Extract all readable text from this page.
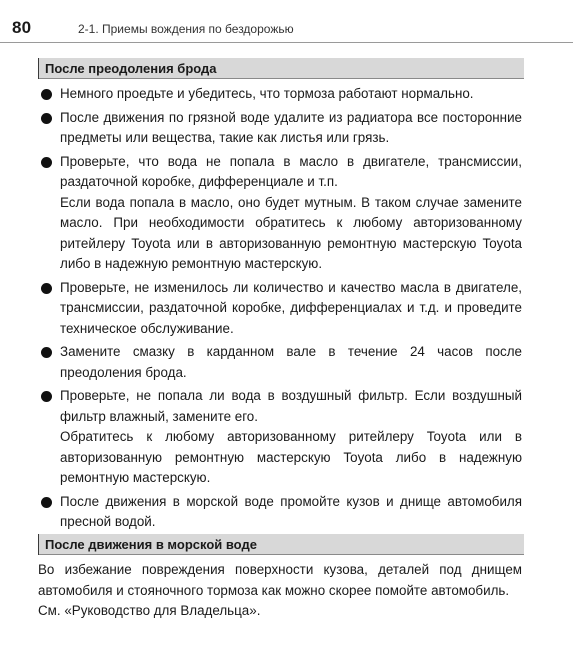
80	2-1. Приемы вождения по бездорожью
После преодоления брода

Немного проедьте и убедитесь, что тормоза работают нормально.

После движения по грязной воде удалите из радиатора все посторонние предметы или вещества, такие как листья или грязь.

Проверьте, что вода не попала в масло в двигателе, трансмиссии, раздаточной коробке, дифференциале и т.п.

Если вода попала в масло, оно будет мутным. В таком случае замените масло. При необходимости обратитесь к любому авторизованному ритейлеру Toyota или в авторизованную ремонтную мастерскую Toyota либо в надежную ремонтную мастерскую.

Проверьте, не изменилось ли количество и качество масла в двигателе, трансмиссии, раздаточной коробке, дифференциалах и т.д. и проведите техническое обслуживание.

Замените смазку в карданном вале в течение 24 часов после преодоления брода.

Проверьте, не попала ли вода в воздушный фильтр. Если воздушный фильтр влажный, замените его.

Обратитесь к любому авторизованному ритейлеру Toyota или в авторизованную ремонтную мастерскую Toyota либо в надежную ремонтную мастерскую.

После движения в морской воде промойте кузов и днище автомобиля пресной водой.

После движения в морской воде

Во избежание повреждения поверхности кузова, деталей под днищем автомобиля и стояночного тормоза как можно скорее помойте автомобиль.

См. «Руководство для Владельца».
